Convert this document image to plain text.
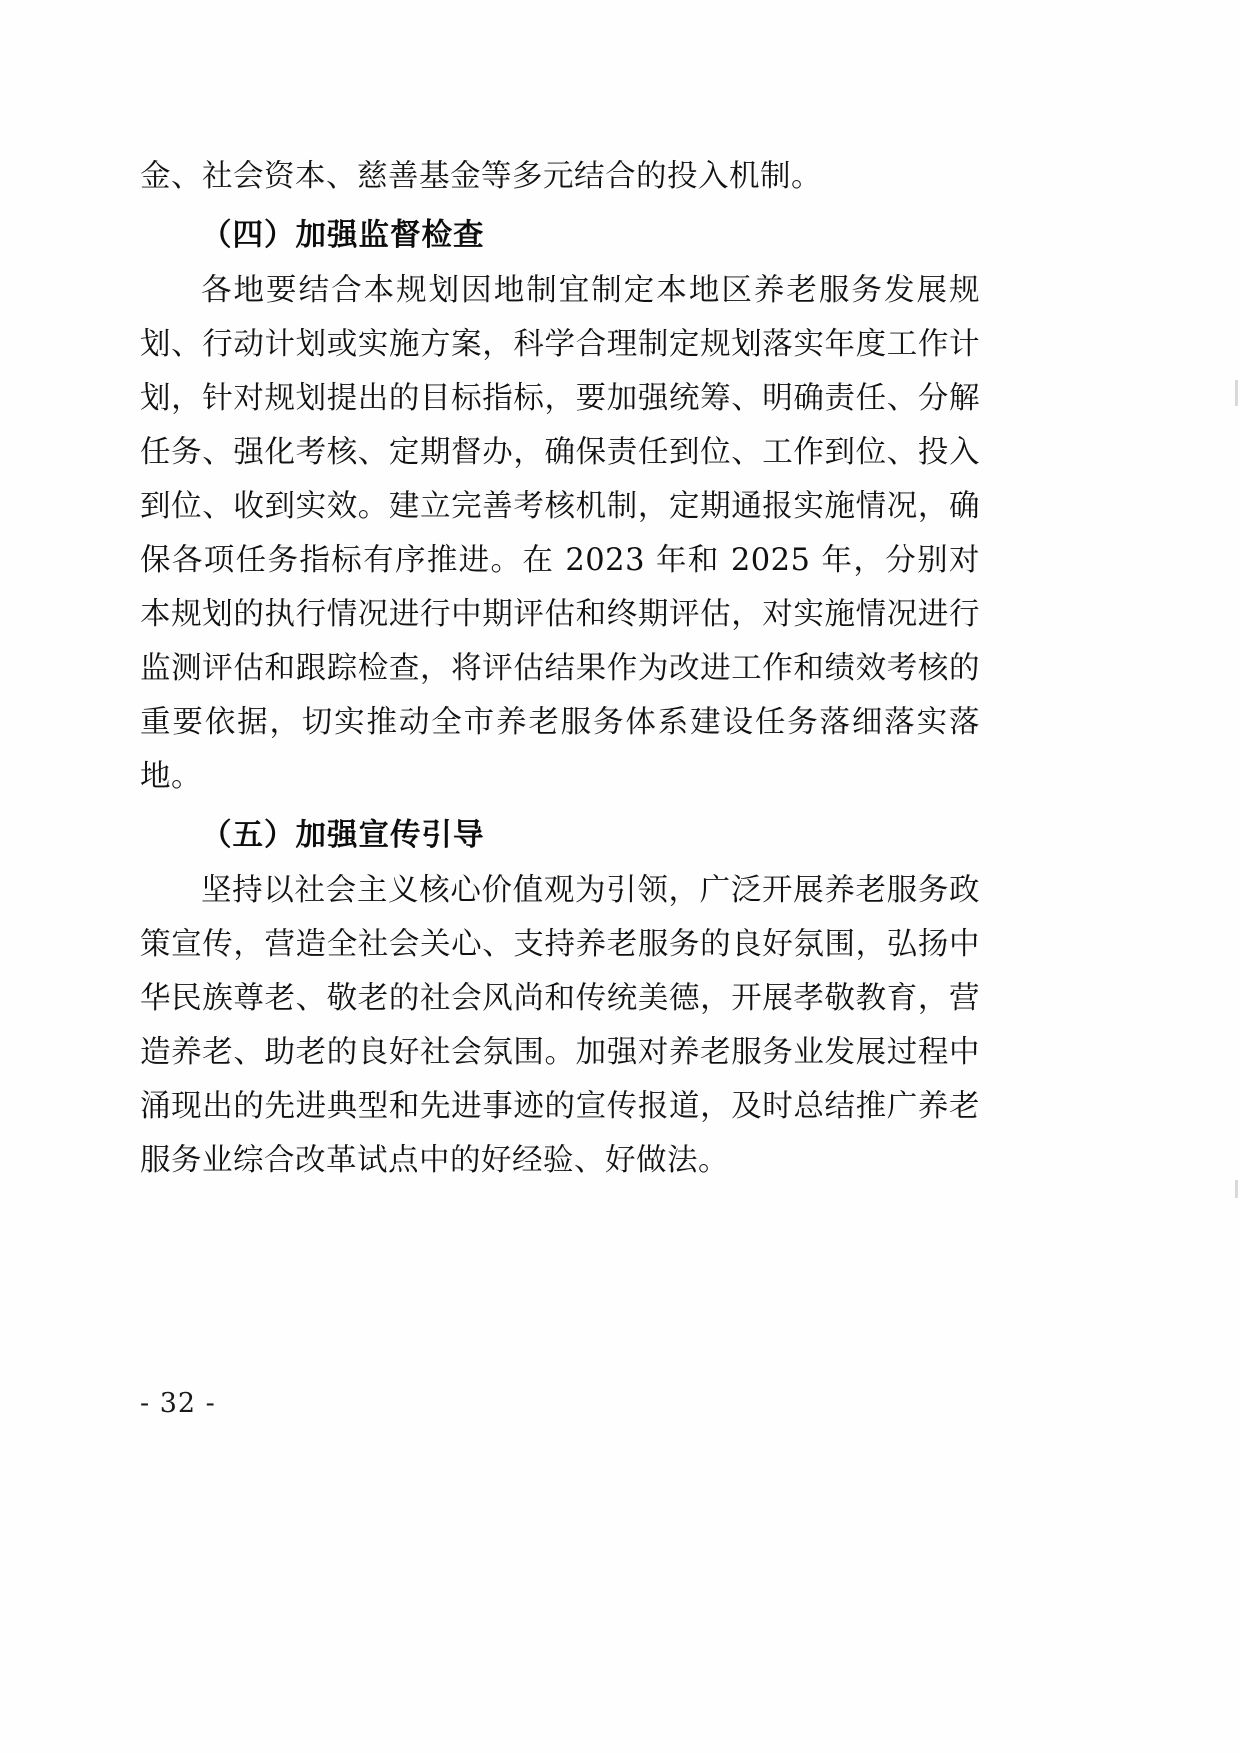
金、社会资本、慈善基金等多元结合的投入机制。

（四）加强监督检查

各地要结合本规划因地制宜制定本地区养老服务发展规划、行动计划或实施方案，科学合理制定规划落实年度工作计划，针对规划提出的目标指标，要加强统筹、明确责任、分解任务、强化考核、定期督办，确保责任到位、工作到位、投入到位、收到实效。建立完善考核机制，定期通报实施情况，确保各项任务指标有序推进。在 2023 年和 2025 年，分别对本规划的执行情况进行中期评估和终期评估，对实施情况进行监测评估和跟踪检查，将评估结果作为改进工作和绩效考核的重要依据，切实推动全市养老服务体系建设任务落细落实落地。

（五）加强宣传引导

坚持以社会主义核心价值观为引领，广泛开展养老服务政策宣传，营造全社会关心、支持养老服务的良好氛围，弘扬中华民族尊老、敬老的社会风尚和传统美德，开展孝敬教育，营造养老、助老的良好社会氛围。加强对养老服务业发展过程中涌现出的先进典型和先进事迹的宣传报道，及时总结推广养老服务业综合改革试点中的好经验、好做法。

- 32 -
